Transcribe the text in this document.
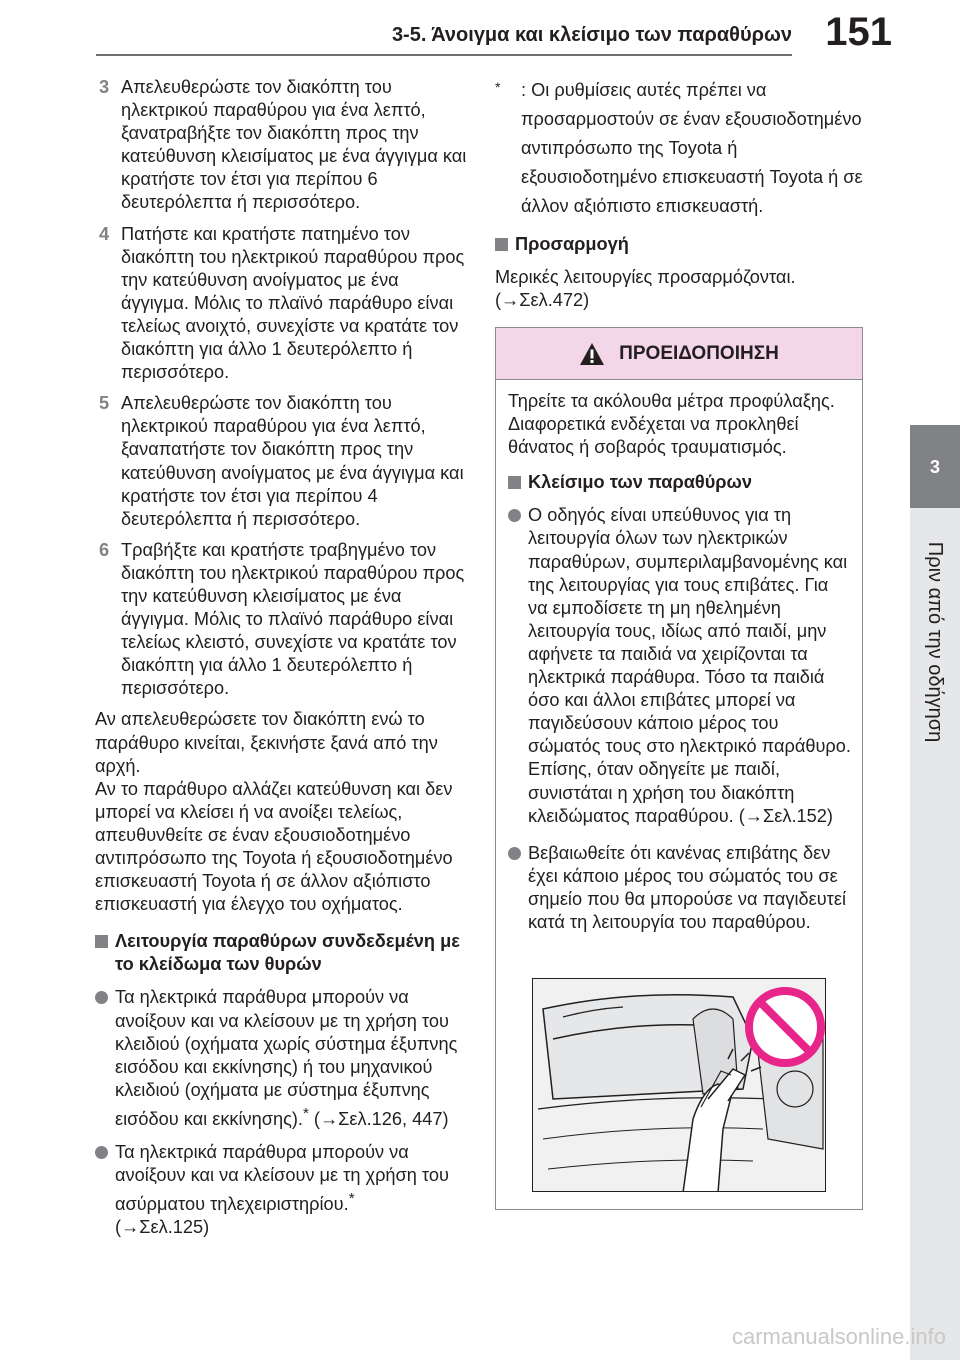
3-5. Άνοιγμα και κλείσιμο των παραθύρων 151
3
Πριν από την οδήγηση
3 Απελευθερώστε τον διακόπτη του ηλεκτρικού παραθύρου για ένα λεπτό, ξανατραβήξτε τον διακόπτη προς την κατεύθυνση κλεισίματος με ένα άγγιγμα και κρατήστε τον έτσι για περίπου 6 δευτερόλεπτα ή περισσότερο.
4 Πατήστε και κρατήστε πατημένο τον διακόπτη του ηλεκτρικού παραθύρου προς την κατεύθυνση ανοίγματος με ένα άγγιγμα. Μόλις το πλαϊνό παράθυρο είναι τελείως ανοιχτό, συνεχίστε να κρατάτε τον διακόπτη για άλλο 1 δευτερόλεπτο ή περισσότερο.
5 Απελευθερώστε τον διακόπτη του ηλεκτρικού παραθύρου για ένα λεπτό, ξαναπατήστε τον διακόπτη προς την κατεύθυνση ανοίγματος με ένα άγγιγμα και κρατήστε τον έτσι για περίπου 4 δευτερόλεπτα ή περισσότερο.
6 Τραβήξτε και κρατήστε τραβηγμένο τον διακόπτη του ηλεκτρικού παραθύρου προς την κατεύθυνση κλεισίματος με ένα άγγιγμα. Μόλις το πλαϊνό παράθυρο είναι τελείως κλειστό, συνεχίστε να κρατάτε τον διακόπτη για άλλο 1 δευτερόλεπτο ή περισσότερο.

Αν απελευθερώσετε τον διακόπτη ενώ το παράθυρο κινείται, ξεκινήστε ξανά από την αρχή.

Αν το παράθυρο αλλάζει κατεύθυνση και δεν μπορεί να κλείσει ή να ανοίξει τελείως, απευθυνθείτε σε έναν εξουσιοδοτημένο αντιπρόσωπο της Toyota ή εξουσιοδοτημένο επισκευαστή Toyota ή σε άλλον αξιόπιστο επισκευαστή για έλεγχο του οχήματος.

Λειτουργία παραθύρων συνδεδεμένη με το κλείδωμα των θυρών
Τα ηλεκτρικά παράθυρα μπορούν να ανοίξουν και να κλείσουν με τη χρήση του κλειδιού (οχήματα χωρίς σύστημα έξυπνης εισόδου και εκκίνησης) ή του μηχανικού κλειδιού (οχήματα με σύστημα έξυπνης εισόδου και εκκίνησης).* (→Σελ.126, 447)
Τα ηλεκτρικά παράθυρα μπορούν να ανοίξουν και να κλείσουν με τη χρήση του ασύρματου τηλεχειριστηρίου.*
(→Σελ.125)
* : Οι ρυθμίσεις αυτές πρέπει να προσαρμοστούν σε έναν εξουσιοδοτημένο αντιπρόσωπο της Toyota ή εξουσιοδοτημένο επισκευαστή Toyota ή σε άλλον αξιόπιστο επισκευαστή.
Προσαρμογή

Μερικές λειτουργίες προσαρμόζονται. (→Σελ.472)

ΠΡΟΕΙΔΟΠΟΙΗΣΗ

Τηρείτε τα ακόλουθα μέτρα προφύλαξης. Διαφορετικά ενδέχεται να προκληθεί θάνατος ή σοβαρός τραυματισμός.

Κλείσιμο των παραθύρων
Ο οδηγός είναι υπεύθυνος για τη λειτουργία όλων των ηλεκτρικών παραθύρων, συμπεριλαμβανομένης και της λειτουργίας για τους επιβάτες. Για να εμποδίσετε τη μη ηθελημένη λειτουργία τους, ιδίως από παιδί, μην αφήνετε τα παιδιά να χειρίζονται τα ηλεκτρικά παράθυρα. Τόσο τα παιδιά όσο και άλλοι επιβάτες μπορεί να παγιδεύσουν κάποιο μέρος του σώματός τους στο ηλεκτρικό παράθυρο. Επίσης, όταν οδηγείτε με παιδί, συνιστάται η χρήση του διακόπτη κλειδώματος παραθύρου. (→Σελ.152)
Βεβαιωθείτε ότι κανένας επιβάτης δεν έχει κάποιο μέρος του σώματός του σε σημείο που θα μπορούσε να παγιδευτεί κατά τη λειτουργία του παραθύρου.
carmanualsonline.info
